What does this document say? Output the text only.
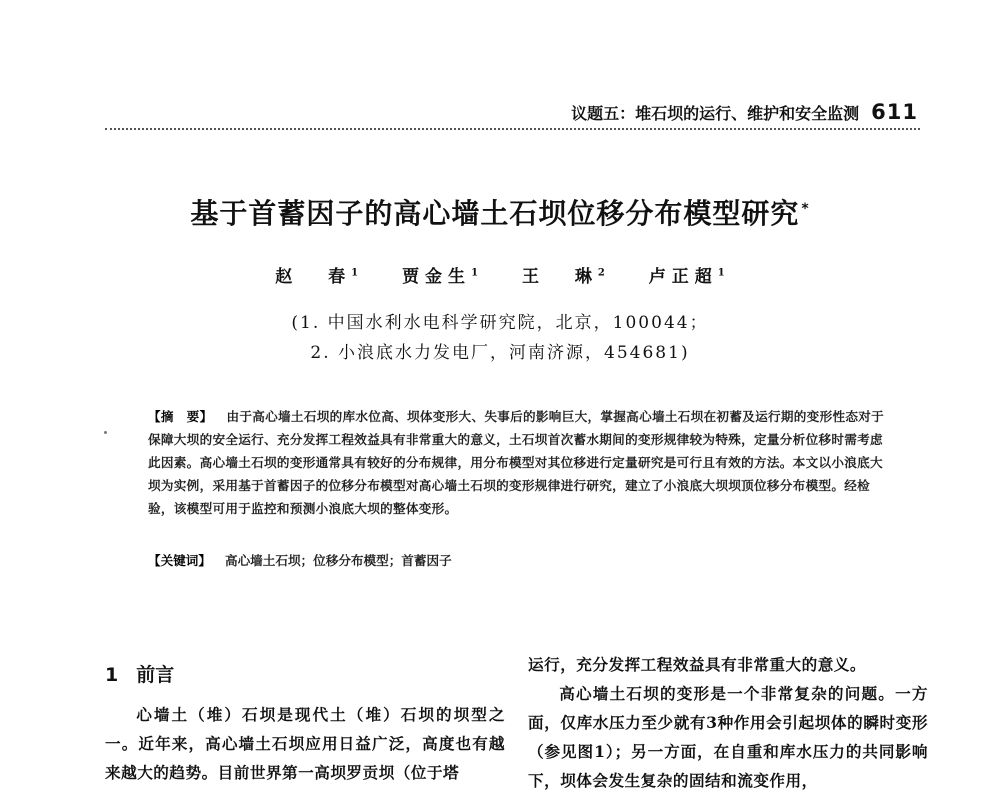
议题五：堆石坝的运行、维护和安全监测 611
基于首蓄因子的高心墙土石坝位移分布模型研究 *
赵 春$^1$	贾金生$^1$	王 琳$^2$	卢正超$^1$
(1. 中国水利水电科学研究院，北京，100044；
2. 小浪底水力发电厂，河南济源，454681)
【摘　要】 由于高心墙土石坝的库水位高、坝体变形大、失事后的影响巨大，掌握高心墙土石坝在初蓄及运行期的变形性态对于保障大坝的安全运行、充分发挥工程效益具有非常重大的意义，土石坝首次蓄水期间的变形规律较为特殊，定量分析位移时需考虑此因素。高心墙土石坝的变形通常具有较好的分布规律，用分布模型对其位移进行定量研究是可行且有效的方法。本文以小浪底大坝为实例，采用基于首蓄因子的位移分布模型对高心墙土石坝的变形规律进行研究，建立了小浪底大坝坝顶位移分布模型。经检验，该模型可用于监控和预测小浪底大坝的整体变形。
【关键词】 高心墙土石坝；位移分布模型；首蓄因子
1 前言

心墙土（堆）石坝是现代土（堆）石坝的坝型之一。近年来，高心墙土石坝应用日益广泛，高度也有越来越大的趋势。目前世界第一高坝罗贡坝（位于塔

运行，充分发挥工程效益具有非常重大的意义。

高心墙土石坝的变形是一个非常复杂的问题。一方面，仅库水压力至少就有3种作用会引起坝体的瞬时变形（参见图1）；另一方面，在自重和库水压力的共同影响下，坝体会发生复杂的固结和流变作用，
